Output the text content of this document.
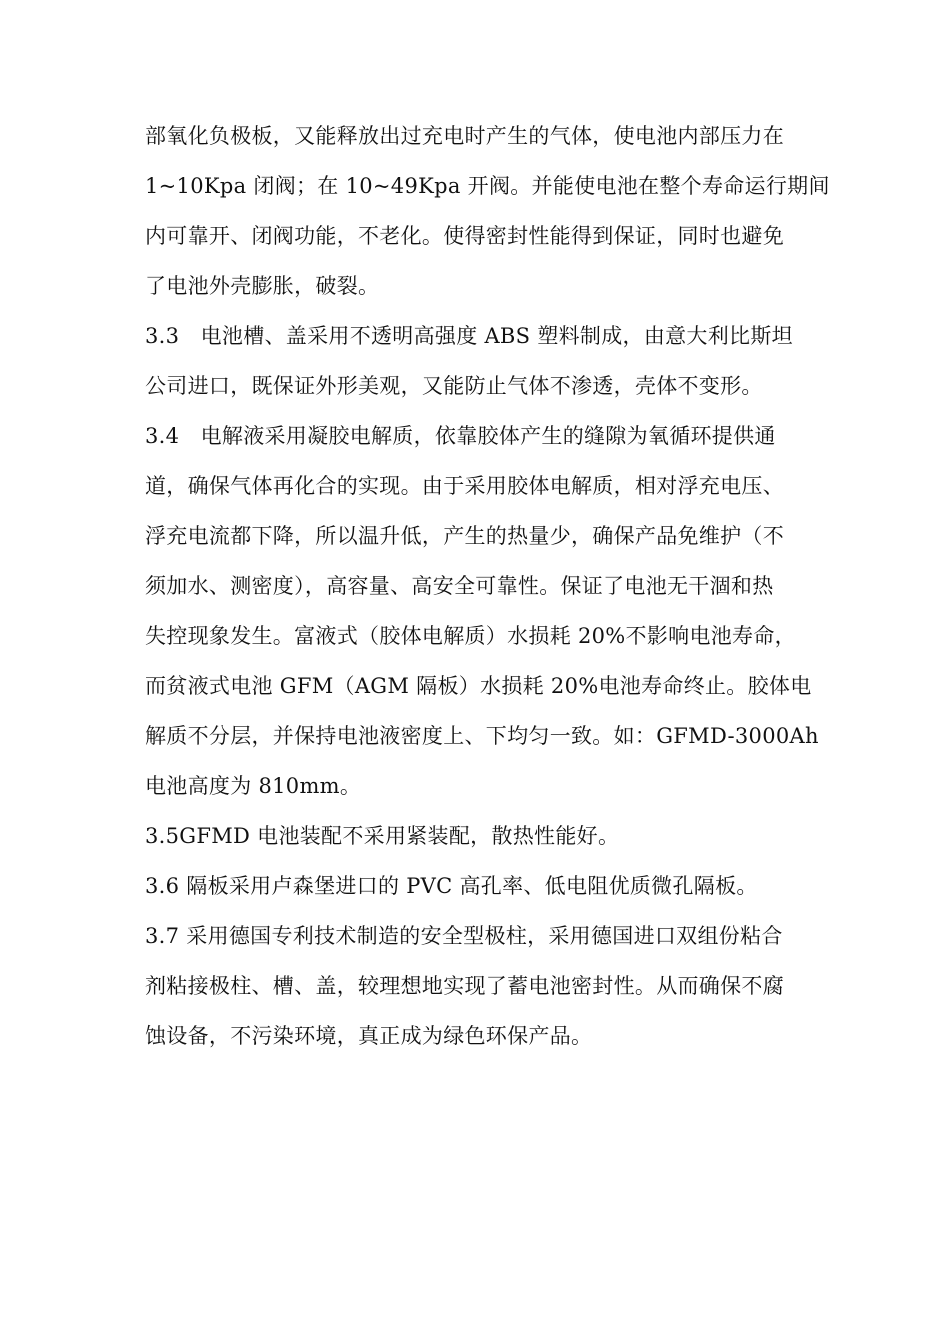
部氧化负极板，又能释放出过充电时产生的气体，使电池内部压力在
1~10Kpa 闭阀；在 10~49Kpa 开阀。并能使电池在整个寿命运行期间
内可靠开、闭阀功能，不老化。使得密封性能得到保证，同时也避免
了电池外壳膨胀，破裂。
3.3　电池槽、盖采用不透明高强度 ABS 塑料制成，由意大利比斯坦
公司进口，既保证外形美观，又能防止气体不渗透，壳体不变形。
3.4　电解液采用凝胶电解质，依靠胶体产生的缝隙为氧循环提供通
道，确保气体再化合的实现。由于采用胶体电解质，相对浮充电压、
浮充电流都下降，所以温升低，产生的热量少，确保产品免维护（不
须加水、测密度），高容量、高安全可靠性。保证了电池无干涸和热
失控现象发生。富液式（胶体电解质）水损耗 20%不影响电池寿命，
而贫液式电池 GFM（AGM 隔板）水损耗 20%电池寿命终止。胶体电
解质不分层，并保持电池液密度上、下均匀一致。如：GFMD-3000Ah
电池高度为 810mm。
3.5GFMD 电池装配不采用紧装配，散热性能好。
3.6 隔板采用卢森堡进口的 PVC 高孔率、低电阻优质微孔隔板。
3.7 采用德国专利技术制造的安全型极柱，采用德国进口双组份粘合
剂粘接极柱、槽、盖，较理想地实现了蓄电池密封性。从而确保不腐
蚀设备，不污染环境，真正成为绿色环保产品。
